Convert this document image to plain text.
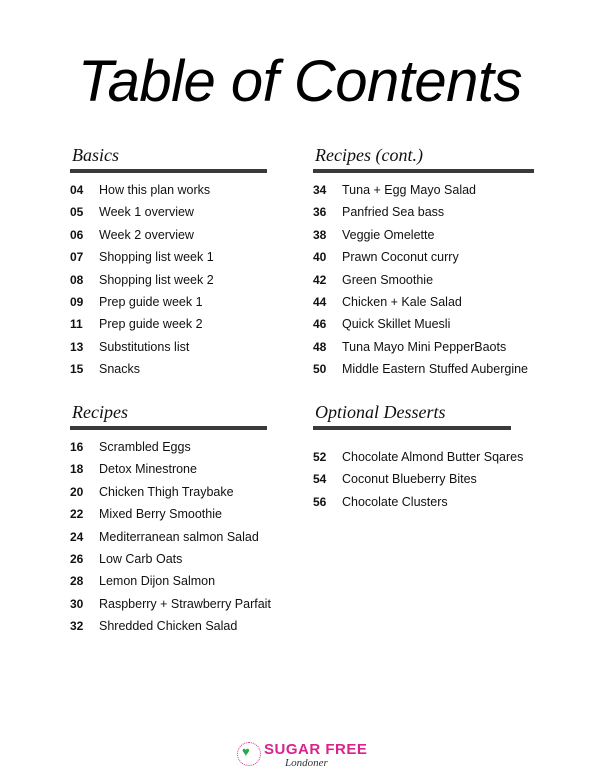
Table of Contents
Basics
04 How this plan works
05 Week 1 overview
06 Week 2 overview
07 Shopping list week 1
08 Shopping list week 2
09 Prep guide week 1
11 Prep guide week 2
13 Substitutions list
15 Snacks
Recipes
16 Scrambled Eggs
18 Detox Minestrone
20 Chicken Thigh Traybake
22 Mixed Berry Smoothie
24 Mediterranean salmon Salad
26 Low Carb Oats
28 Lemon Dijon Salmon
30 Raspberry + Strawberry Parfait
32 Shredded Chicken Salad
Recipes (cont.)
34 Tuna + Egg Mayo Salad
36 Panfried Sea bass
38 Veggie Omelette
40 Prawn Coconut curry
42 Green Smoothie
44 Chicken + Kale Salad
46 Quick Skillet Muesli
48 Tuna Mayo Mini PepperBaots
50 Middle Eastern Stuffed Aubergine
Optional Desserts
52 Chocolate Almond Butter Sqares
54 Coconut Blueberry Bites
56 Chocolate Clusters
♥ SUGAR FREE
Londoner
